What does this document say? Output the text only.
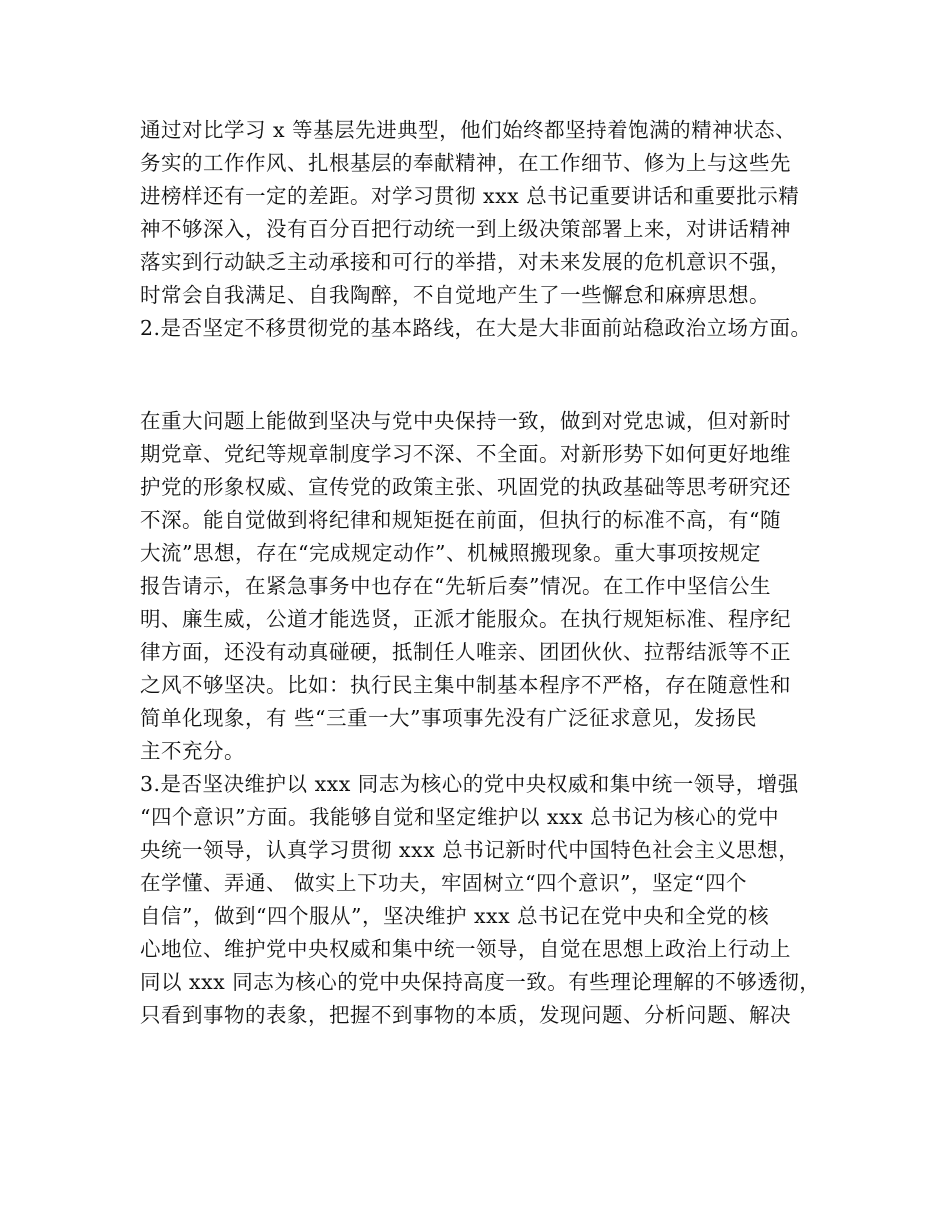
通过对比学习 x 等基层先进典型，他们始终都坚持着饱满的精神状态、
务实的工作作风、扎根基层的奉献精神，在工作细节、修为上与这些先
进榜样还有一定的差距。对学习贯彻 xxx 总书记重要讲话和重要批示精
神不够深入，没有百分百把行动统一到上级决策部署上来，对讲话精神
落实到行动缺乏主动承接和可行的举措，对未来发展的危机意识不强，
时常会自我满足、自我陶醉，不自觉地产生了一些懈怠和麻痹思想。
2.是否坚定不移贯彻党的基本路线，在大是大非面前站稳政治立场方面。
在重大问题上能做到坚决与党中央保持一致，做到对党忠诚，但对新时
期党章、党纪等规章制度学习不深、不全面。对新形势下如何更好地维
护党的形象权威、宣传党的政策主张、巩固党的执政基础等思考研究还
不深。能自觉做到将纪律和规矩挺在前面，但执行的标准不高，有“随
大流”思想，存在“完成规定动作”、机械照搬现象。重大事项按规定
报告请示，在紧急事务中也存在“先斩后奏”情况。在工作中坚信公生
明、廉生威，公道才能选贤，正派才能服众。在执行规矩标准、程序纪
律方面，还没有动真碰硬，抵制任人唯亲、团团伙伙、拉帮结派等不正
之风不够坚决。比如：执行民主集中制基本程序不严格，存在随意性和
简单化现象，有 些“三重一大”事项事先没有广泛征求意见，发扬民
主不充分。
3.是否坚决维护以 xxx 同志为核心的党中央权威和集中统一领导，增强
“四个意识”方面。我能够自觉和坚定维护以 xxx 总书记为核心的党中
央统一领导，认真学习贯彻 xxx 总书记新时代中国特色社会主义思想，
在学懂、弄通、 做实上下功夫，牢固树立“四个意识”，坚定“四个
自信”，做到“四个服从”，坚决维护 xxx 总书记在党中央和全党的核
心地位、维护党中央权威和集中统一领导，自觉在思想上政治上行动上
同以 xxx 同志为核心的党中央保持高度一致。有些理论理解的不够透彻，
只看到事物的表象，把握不到事物的本质，发现问题、分析问题、解决
